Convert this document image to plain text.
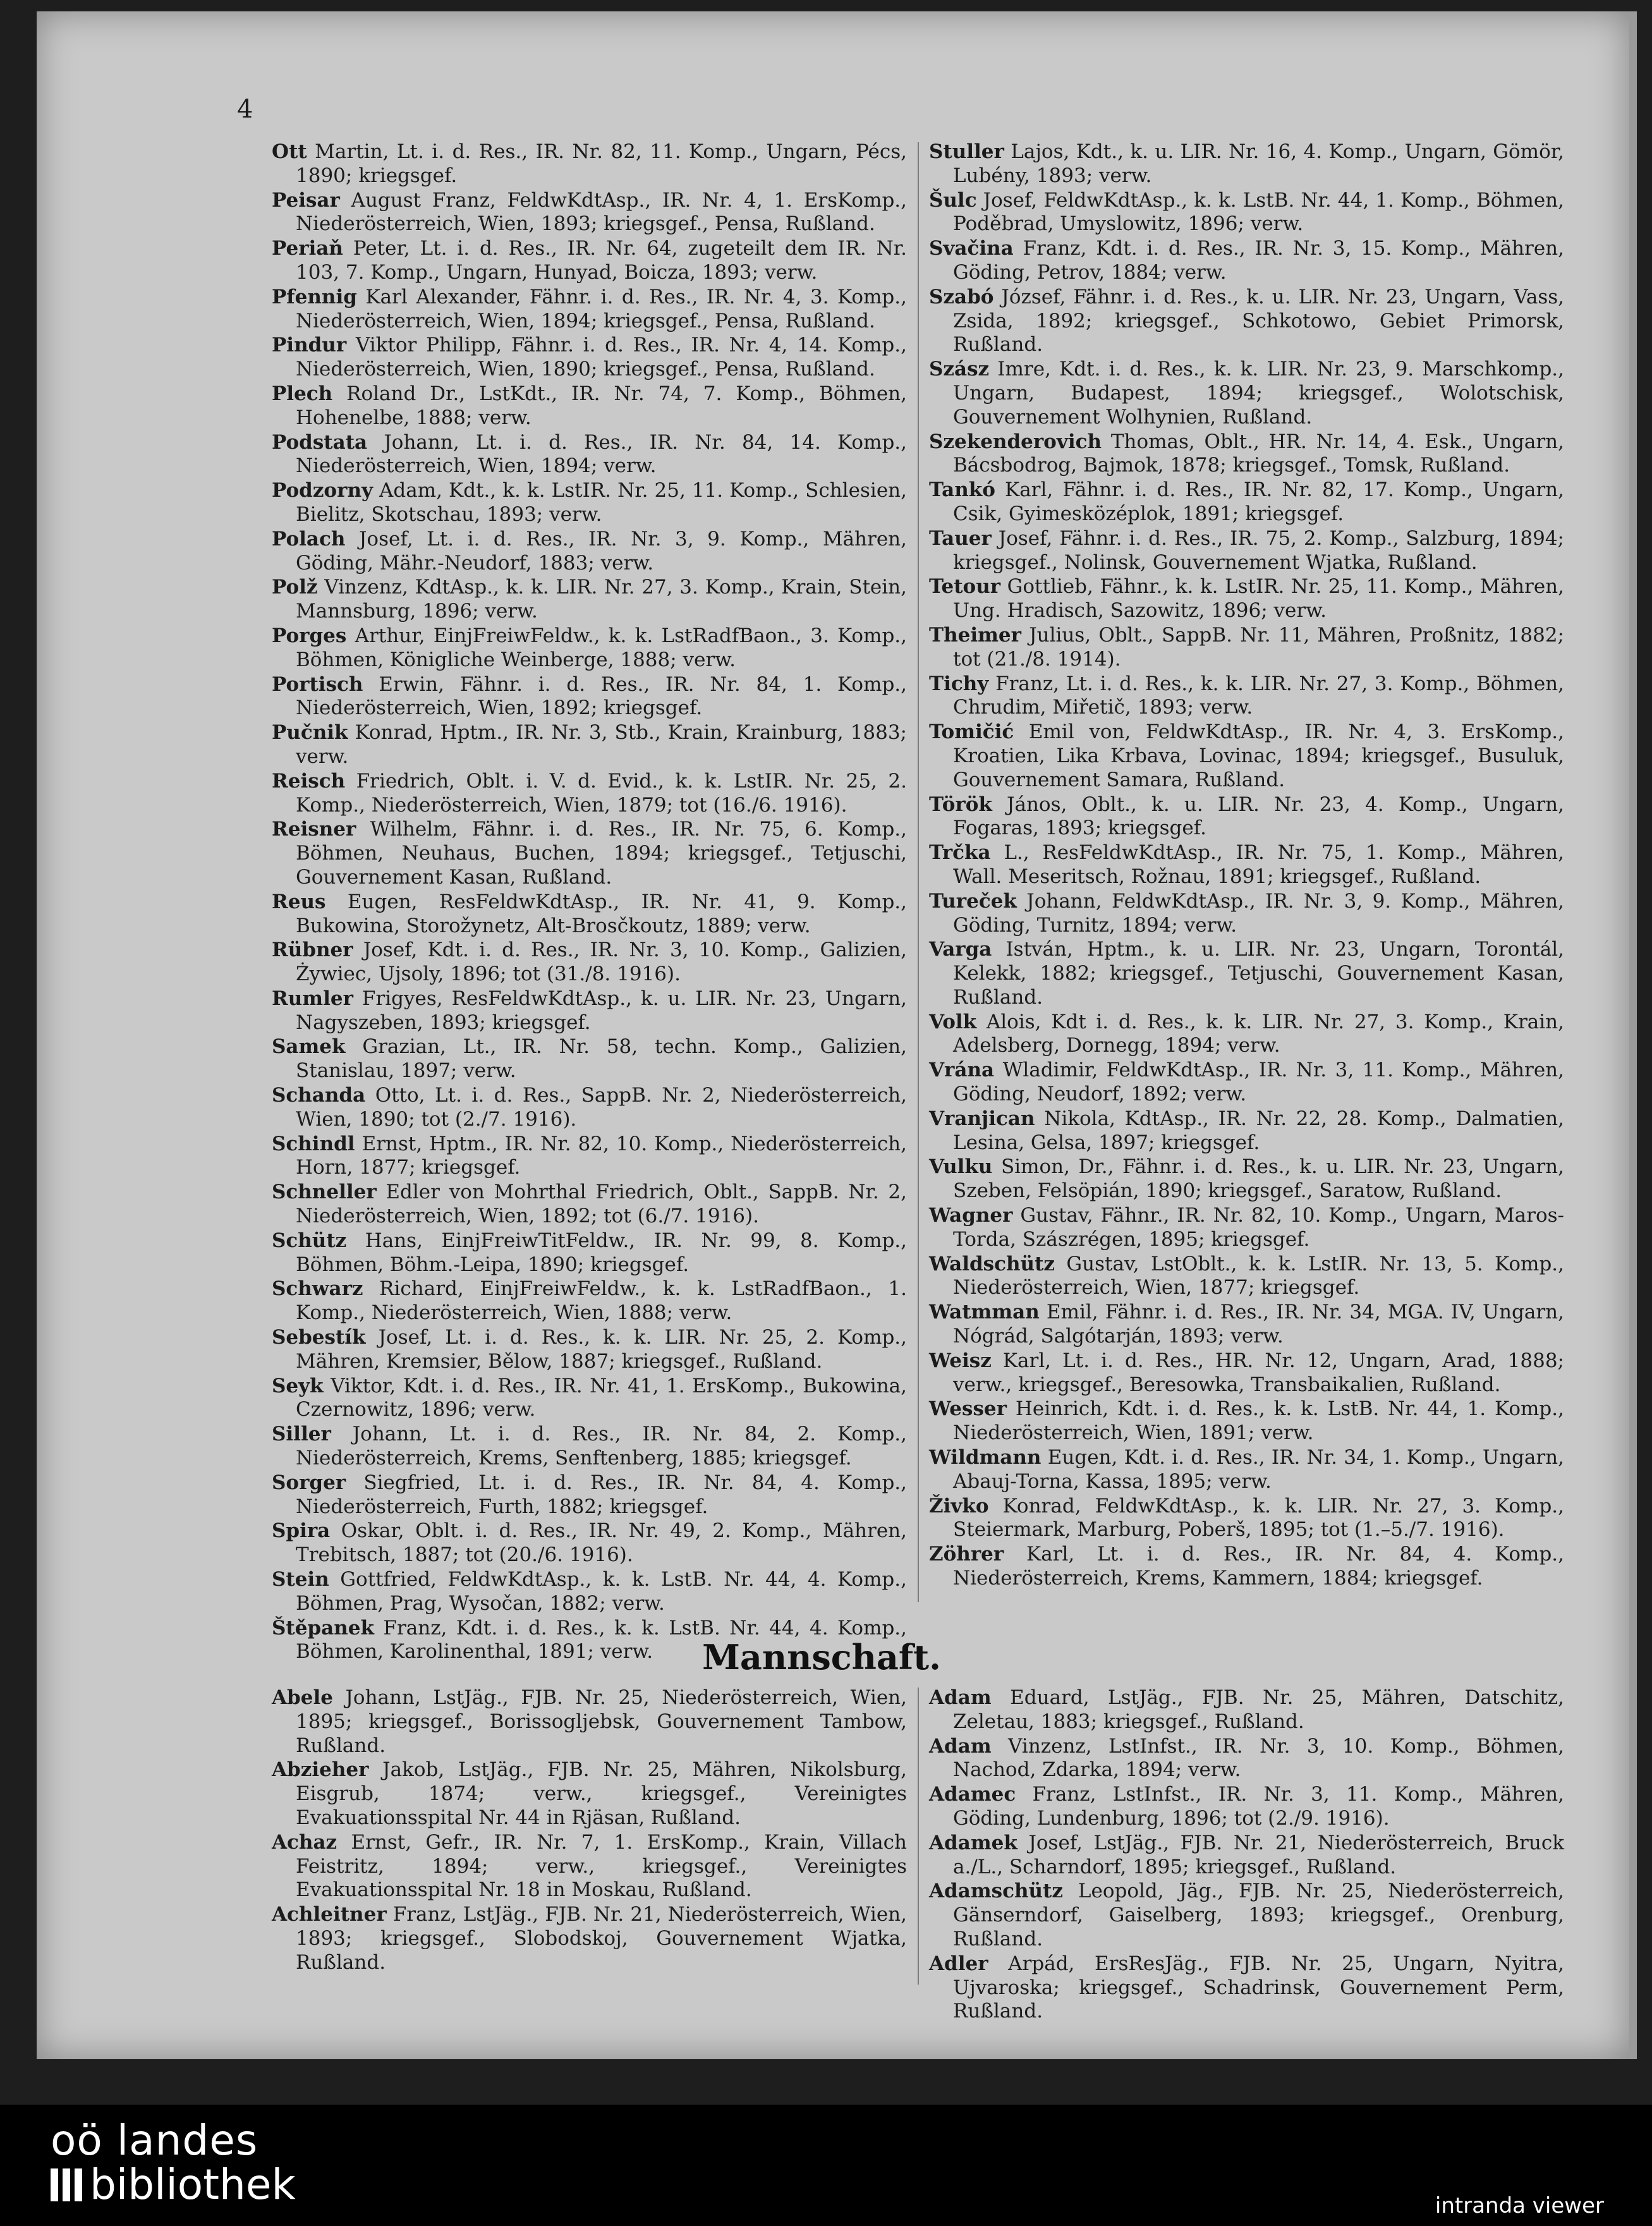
4

Ott Martin, Lt. i. d. Res., IR. Nr. 82, 11. Komp., Ungarn, Pécs, 1890; kriegsgef.

Peisar August Franz, FeldwKdtAsp., IR. Nr. 4, 1. ErsKomp., Niederösterreich, Wien, 1893; kriegsgef., Pensa, Rußland.

Periaň Peter, Lt. i. d. Res., IR. Nr. 64, zugeteilt dem IR. Nr. 103, 7. Komp., Ungarn, Hunyad, Boicza, 1893; verw.

Pfennig Karl Alexander, Fähnr. i. d. Res., IR. Nr. 4, 3. Komp., Niederösterreich, Wien, 1894; kriegsgef., Pensa, Rußland.

Pindur Viktor Philipp, Fähnr. i. d. Res., IR. Nr. 4, 14. Komp., Niederösterreich, Wien, 1890; kriegsgef., Pensa, Rußland.

Plech Roland Dr., LstKdt., IR. Nr. 74, 7. Komp., Böhmen, Hohenelbe, 1888; verw.

Podstata Johann, Lt. i. d. Res., IR. Nr. 84, 14. Komp., Niederösterreich, Wien, 1894; verw.

Podzorny Adam, Kdt., k. k. LstIR. Nr. 25, 11. Komp., Schlesien, Bielitz, Skotschau, 1893; verw.

Polach Josef, Lt. i. d. Res., IR. Nr. 3, 9. Komp., Mähren, Göding, Mähr.-Neudorf, 1883; verw.

Polž Vinzenz, KdtAsp., k. k. LIR. Nr. 27, 3. Komp., Krain, Stein, Mannsburg, 1896; verw.

Porges Arthur, EinjFreiwFeldw., k. k. LstRadfBaon., 3. Komp., Böhmen, Königliche Weinberge, 1888; verw.

Portisch Erwin, Fähnr. i. d. Res., IR. Nr. 84, 1. Komp., Niederösterreich, Wien, 1892; kriegsgef.

Pučnik Konrad, Hptm., IR. Nr. 3, Stb., Krain, Krainburg, 1883; verw.

Reisch Friedrich, Oblt. i. V. d. Evid., k. k. LstIR. Nr. 25, 2. Komp., Niederösterreich, Wien, 1879; tot (16./6. 1916).

Reisner Wilhelm, Fähnr. i. d. Res., IR. Nr. 75, 6. Komp., Böhmen, Neuhaus, Buchen, 1894; kriegsgef., Tetjuschi, Gouvernement Kasan, Rußland.

Reus Eugen, ResFeldwKdtAsp., IR. Nr. 41, 9. Komp., Bukowina, Storožynetz, Alt-Brosčkoutz, 1889; verw.

Rübner Josef, Kdt. i. d. Res., IR. Nr. 3, 10. Komp., Galizien, Żywiec, Ujsoly, 1896; tot (31./8. 1916).

Rumler Frigyes, ResFeldwKdtAsp., k. u. LIR. Nr. 23, Ungarn, Nagyszeben, 1893; kriegsgef.

Samek Grazian, Lt., IR. Nr. 58, techn. Komp., Galizien, Stanislau, 1897; verw.

Schanda Otto, Lt. i. d. Res., SappB. Nr. 2, Niederösterreich, Wien, 1890; tot (2./7. 1916).

Schindl Ernst, Hptm., IR. Nr. 82, 10. Komp., Niederösterreich, Horn, 1877; kriegsgef.

Schneller Edler von Mohrthal Friedrich, Oblt., SappB. Nr. 2, Niederösterreich, Wien, 1892; tot (6./7. 1916).

Schütz Hans, EinjFreiwTitFeldw., IR. Nr. 99, 8. Komp., Böhmen, Böhm.-Leipa, 1890; kriegsgef.

Schwarz Richard, EinjFreiwFeldw., k. k. LstRadfBaon., 1. Komp., Niederösterreich, Wien, 1888; verw.

Sebestík Josef, Lt. i. d. Res., k. k. LIR. Nr. 25, 2. Komp., Mähren, Kremsier, Bělow, 1887; kriegsgef., Rußland.

Seyk Viktor, Kdt. i. d. Res., IR. Nr. 41, 1. ErsKomp., Bukowina, Czernowitz, 1896; verw.

Siller Johann, Lt. i. d. Res., IR. Nr. 84, 2. Komp., Niederösterreich, Krems, Senftenberg, 1885; kriegsgef.

Sorger Siegfried, Lt. i. d. Res., IR. Nr. 84, 4. Komp., Niederösterreich, Furth, 1882; kriegsgef.

Spira Oskar, Oblt. i. d. Res., IR. Nr. 49, 2. Komp., Mähren, Trebitsch, 1887; tot (20./6. 1916).

Stein Gottfried, FeldwKdtAsp., k. k. LstB. Nr. 44, 4. Komp., Böhmen, Prag, Wysočan, 1882; verw.

Štěpanek Franz, Kdt. i. d. Res., k. k. LstB. Nr. 44, 4. Komp., Böhmen, Karolinenthal, 1891; verw.

Stuller Lajos, Kdt., k. u. LIR. Nr. 16, 4. Komp., Ungarn, Gömör, Lubény, 1893; verw.

Šulc Josef, FeldwKdtAsp., k. k. LstB. Nr. 44, 1. Komp., Böhmen, Poděbrad, Umyslowitz, 1896; verw.

Svačina Franz, Kdt. i. d. Res., IR. Nr. 3, 15. Komp., Mähren, Göding, Petrov, 1884; verw.

Szabó József, Fähnr. i. d. Res., k. u. LIR. Nr. 23, Ungarn, Vass, Zsida, 1892; kriegsgef., Schkotowo, Gebiet Primorsk, Rußland.

Szász Imre, Kdt. i. d. Res., k. k. LIR. Nr. 23, 9. Marschkomp., Ungarn, Budapest, 1894; kriegsgef., Wolotschisk, Gouvernement Wolhynien, Rußland.

Szekenderovich Thomas, Oblt., HR. Nr. 14, 4. Esk., Ungarn, Bácsbodrog, Bajmok, 1878; kriegsgef., Tomsk, Rußland.

Tankó Karl, Fähnr. i. d. Res., IR. Nr. 82, 17. Komp., Ungarn, Csik, Gyimesközéplok, 1891; kriegsgef.

Tauer Josef, Fähnr. i. d. Res., IR. 75, 2. Komp., Salzburg, 1894; kriegsgef., Nolinsk, Gouvernement Wjatka, Rußland.

Tetour Gottlieb, Fähnr., k. k. LstIR. Nr. 25, 11. Komp., Mähren, Ung. Hradisch, Sazowitz, 1896; verw.

Theimer Julius, Oblt., SappB. Nr. 11, Mähren, Proßnitz, 1882; tot (21./8. 1914).

Tichy Franz, Lt. i. d. Res., k. k. LIR. Nr. 27, 3. Komp., Böhmen, Chrudim, Miřetič, 1893; verw.

Tomičić Emil von, FeldwKdtAsp., IR. Nr. 4, 3. ErsKomp., Kroatien, Lika Krbava, Lovinac, 1894; kriegsgef., Busuluk, Gouvernement Samara, Rußland.

Török János, Oblt., k. u. LIR. Nr. 23, 4. Komp., Ungarn, Fogaras, 1893; kriegsgef.

Trčka L., ResFeldwKdtAsp., IR. Nr. 75, 1. Komp., Mähren, Wall. Meseritsch, Rožnau, 1891; kriegsgef., Rußland.

Tureček Johann, FeldwKdtAsp., IR. Nr. 3, 9. Komp., Mähren, Göding, Turnitz, 1894; verw.

Varga István, Hptm., k. u. LIR. Nr. 23, Ungarn, Torontál, Kelekk, 1882; kriegsgef., Tetjuschi, Gouvernement Kasan, Rußland.

Volk Alois, Kdt i. d. Res., k. k. LIR. Nr. 27, 3. Komp., Krain, Adelsberg, Dornegg, 1894; verw.

Vrána Wladimir, FeldwKdtAsp., IR. Nr. 3, 11. Komp., Mähren, Göding, Neudorf, 1892; verw.

Vranjican Nikola, KdtAsp., IR. Nr. 22, 28. Komp., Dalmatien, Lesina, Gelsa, 1897; kriegsgef.

Vulku Simon, Dr., Fähnr. i. d. Res., k. u. LIR. Nr. 23, Ungarn, Szeben, Felsöpián, 1890; kriegsgef., Saratow, Rußland.

Wagner Gustav, Fähnr., IR. Nr. 82, 10. Komp., Ungarn, Maros-Torda, Szászrégen, 1895; kriegsgef.

Waldschütz Gustav, LstOblt., k. k. LstIR. Nr. 13, 5. Komp., Niederösterreich, Wien, 1877; kriegsgef.

Watmman Emil, Fähnr. i. d. Res., IR. Nr. 34, MGA. IV, Ungarn, Nógrád, Salgótarján, 1893; verw.

Weisz Karl, Lt. i. d. Res., HR. Nr. 12, Ungarn, Arad, 1888; verw., kriegsgef., Beresowka, Transbaikalien, Rußland.

Wesser Heinrich, Kdt. i. d. Res., k. k. LstB. Nr. 44, 1. Komp., Niederösterreich, Wien, 1891; verw.

Wildmann Eugen, Kdt. i. d. Res., IR. Nr. 34, 1. Komp., Ungarn, Abauj-Torna, Kassa, 1895; verw.

Živko Konrad, FeldwKdtAsp., k. k. LIR. Nr. 27, 3. Komp., Steiermark, Marburg, Poberš, 1895; tot (1.–5./7. 1916).

Zöhrer Karl, Lt. i. d. Res., IR. Nr. 84, 4. Komp., Niederösterreich, Krems, Kammern, 1884; kriegsgef.

Mannschaft.

Abele Johann, LstJäg., FJB. Nr. 25, Niederösterreich, Wien, 1895; kriegsgef., Borissogljebsk, Gouvernement Tambow, Rußland.

Abzieher Jakob, LstJäg., FJB. Nr. 25, Mähren, Nikolsburg, Eisgrub, 1874; verw., kriegsgef., Vereinigtes Evakuationsspital Nr. 44 in Rjäsan, Rußland.

Achaz Ernst, Gefr., IR. Nr. 7, 1. ErsKomp., Krain, Villach Feistritz, 1894; verw., kriegsgef., Vereinigtes Evakuationsspital Nr. 18 in Moskau, Rußland.

Achleitner Franz, LstJäg., FJB. Nr. 21, Niederösterreich, Wien, 1893; kriegsgef., Slobodskoj, Gouvernement Wjatka, Rußland.

Adam Eduard, LstJäg., FJB. Nr. 25, Mähren, Datschitz, Zeletau, 1883; kriegsgef., Rußland.

Adam Vinzenz, LstInfst., IR. Nr. 3, 10. Komp., Böhmen, Nachod, Zdarka, 1894; verw.

Adamec Franz, LstInfst., IR. Nr. 3, 11. Komp., Mähren, Göding, Lundenburg, 1896; tot (2./9. 1916).

Adamek Josef, LstJäg., FJB. Nr. 21, Niederösterreich, Bruck a./L., Scharndorf, 1895; kriegsgef., Rußland.

Adamschütz Leopold, Jäg., FJB. Nr. 25, Niederösterreich, Gänserndorf, Gaiselberg, 1893; kriegsgef., Orenburg, Rußland.

Adler Arpád, ErsResJäg., FJB. Nr. 25, Ungarn, Nyitra, Ujvaroska; kriegsgef., Schadrinsk, Gouvernement Perm, Rußland.

oö landes
bibliothek	intranda viewer
